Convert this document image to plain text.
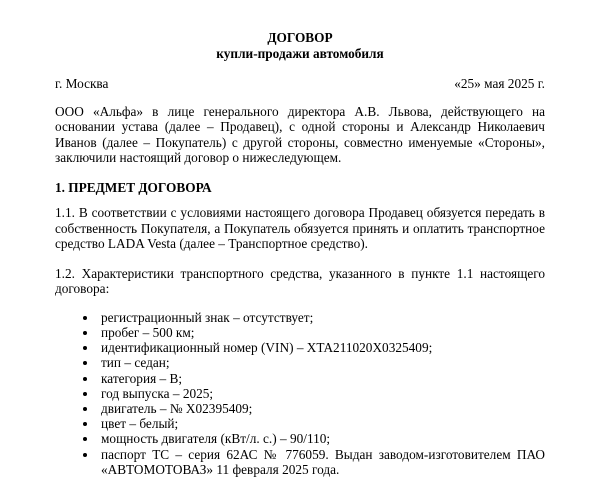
ДОГОВОР
купли-продажи автомобиля
г. Москва	«25» мая 2025 г.

ООО «Альфа» в лице генерального директора А.В. Львова, действующего на основании устава (далее – Продавец), с одной стороны и Александр Николаевич Иванов (далее – Покупатель) с другой стороны, совместно именуемые «Стороны», заключили настоящий договор о нижеследующем.

1. ПРЕДМЕТ ДОГОВОРА

1.1. В соответствии с условиями настоящего договора Продавец обязуется передать в собственность Покупателя, а Покупатель обязуется принять и оплатить транспортное средство LADA Vesta (далее – Транспортное средство).

1.2. Характеристики транспортного средства, указанного в пункте 1.1 настоящего договора:

• регистрационный знак – отсутствует;
• пробег – 500 км;
• идентификационный номер (VIN) – XTA211020X0325409;
• тип – седан;
• категория – B;
• год выпуска – 2025;
• двигатель – № X02395409;
• цвет – белый;
• мощность двигателя (кВт/л. с.) – 90/110;
• паспорт ТС – серия 62АС № 776059. Выдан заводом-изготовителем ПАО «АВТОМОТОВАЗ» 11 февраля 2025 года.
